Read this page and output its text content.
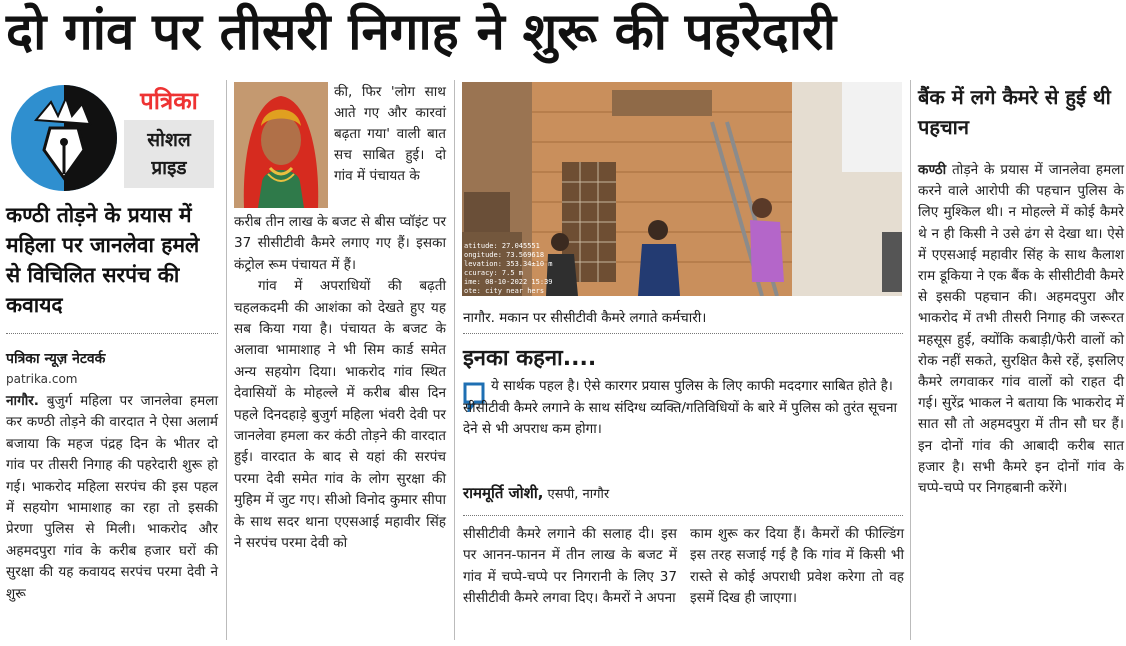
दो गांव पर तीसरी निगाह ने शुरू की पहरेदारी
पत्रिका
सोशल
प्राइड
कण्ठी तोड़ने के प्रयास में महिला पर जानलेवा हमले से विचिलित सरपंच की कवायद
पत्रिका न्यूज़ नेटवर्क
patrika.com

नागौर. बुजुर्ग महिला पर जानलेवा हमला कर कण्ठी तोड़ने की वारदात ने ऐसा अलार्म बजाया कि महज पंद्रह दिन के भीतर दो गांव पर तीसरी निगाह की पहरेदारी शुरू हो गई। भाकरोद महिला सरपंच की इस पहल में सहयोग भामाशाह का रहा तो इसकी प्रेरणा पुलिस से मिली। भाकरोद और अहमदपुरा गांव के करीब हजार घरों की सुरक्षा की यह कवायद सरपंच परमा देवी ने शुरू

की, फिर 'लोग साथ आते गए और कारवां बढ़ता गया' वाली बात सच साबित हुई। दो गांव में पंचायत के

करीब तीन लाख के बजट से बीस प्वॉइंट पर 37 सीसीटीवी कैमरे लगाए गए हैं। इसका कंट्रोल रूम पंचायत में हैं।

गांव में अपराधियों की बढ़ती चहलकदमी की आशंका को देखते हुए यह सब किया गया है। पंचायत के बजट के अलावा भामाशाह ने भी सिम कार्ड समेत अन्य सहयोग दिया। भाकरोद गांव स्थित देवासियों के मोहल्ले में करीब बीस दिन पहले दिनदहाड़े बुजुर्ग महिला भंवरी देवी पर जानलेवा हमला कर कंठी तोड़ने की वारदात हुई। वारदात के बाद से यहां की सरपंच परमा देवी समेत गांव के लोग सुरक्षा की मुहिम में जुट गए। सीओ विनोद कुमार सीपा के साथ सदर थाना एएसआई महावीर सिंह ने सरपंच परमा देवी को

atitude: 27.045551
ongitude: 73.569618
levation: 353.34±10 m
ccuracy: 7.5 m
ime: 08-10-2022 15:39
ote: city near hers
नागौर. मकान पर सीसीटीवी कैमरे लगाते कर्मचारी।
इनका कहना....
ये सार्थक पहल है। ऐसे कारगर प्रयास पुलिस के लिए काफी मददगार साबित होते है। सीसीटीवी कैमरे लगाने के साथ संदिग्ध व्यक्ति/गतिविधियों के बारे में पुलिस को तुरंत सूचना देने से भी अपराध कम होगा।
राममूर्ति जोशी, एसपी, नागौर
सीसीटीवी कैमरे लगाने की सलाह दी। इस पर आनन-फानन में तीन लाख के बजट में गांव में चप्पे-चप्पे पर निगरानी के लिए 37 सीसीटीवी कैमरे लगवा दिए। कैमरों ने अपना
काम शुरू कर दिया हैं। कैमरों की फील्डिंग इस तरह सजाई गई है कि गांव में किसी भी रास्ते से कोई अपराधी प्रवेश करेगा तो वह इसमें दिख ही जाएगा।
बैंक में लगे कैमरे से हुई थी पहचान

कण्ठी तोड़ने के प्रयास में जानलेवा हमला करने वाले आरोपी की पहचान पुलिस के लिए मुश्किल थी। न मोहल्ले में कोई कैमरे थे न ही किसी ने उसे ढंग से देखा था। ऐसे में एएसआई महावीर सिंह के साथ कैलाश राम डूकिया ने एक बैंक के सीसीटीवी कैमरे से इसकी पहचान की। अहमदपुरा और भाकरोद में तभी तीसरी निगाह की जरूरत महसूस हुई, क्योंकि कबाड़ी/फेरी वालों को रोक नहीं सकते, सुरक्षित कैसे रहें, इसलिए कैमरे लगवाकर गांव वालों को राहत दी गई। सुरेंद्र भाकल ने बताया कि भाकरोद में सात सौ तो अहमदपुरा में तीन सौ घर हैं। इन दोनों गांव की आबादी करीब सात हजार है। सभी कैमरे इन दोनों गांव के चप्पे-चप्पे पर निगहबानी करेंगे।
